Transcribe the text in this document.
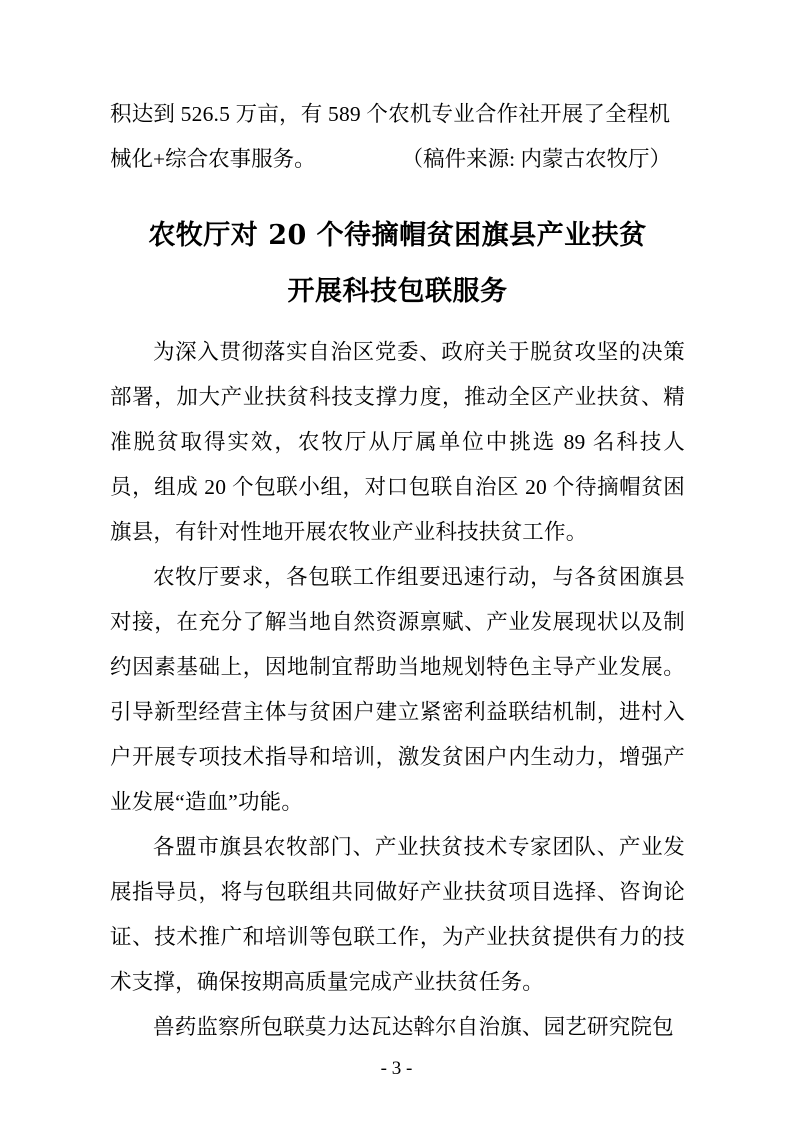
积达到 526.5 万亩，有 589 个农机专业合作社开展了全程机

械化+综合农事服务。	（稿件来源: 内蒙古农牧厅）

农牧厅对 20 个待摘帽贫困旗县产业扶贫
开展科技包联服务

为深入贯彻落实自治区党委、政府关于脱贫攻坚的决策部署，加大产业扶贫科技支撑力度，推动全区产业扶贫、精准脱贫取得实效，农牧厅从厅属单位中挑选 89 名科技人员，组成 20 个包联小组，对口包联自治区 20 个待摘帽贫困旗县，有针对性地开展农牧业产业科技扶贫工作。

农牧厅要求，各包联工作组要迅速行动，与各贫困旗县对接，在充分了解当地自然资源禀赋、产业发展现状以及制约因素基础上，因地制宜帮助当地规划特色主导产业发展。引导新型经营主体与贫困户建立紧密利益联结机制，进村入户开展专项技术指导和培训，激发贫困户内生动力，增强产业发展“造血”功能。

各盟市旗县农牧部门、产业扶贫技术专家团队、产业发展指导员，将与包联组共同做好产业扶贫项目选择、咨询论证、技术推广和培训等包联工作，为产业扶贫提供有力的技术支撑，确保按期高质量完成产业扶贫任务。

兽药监察所包联莫力达瓦达斡尔自治旗、园艺研究院包

- 3 -
